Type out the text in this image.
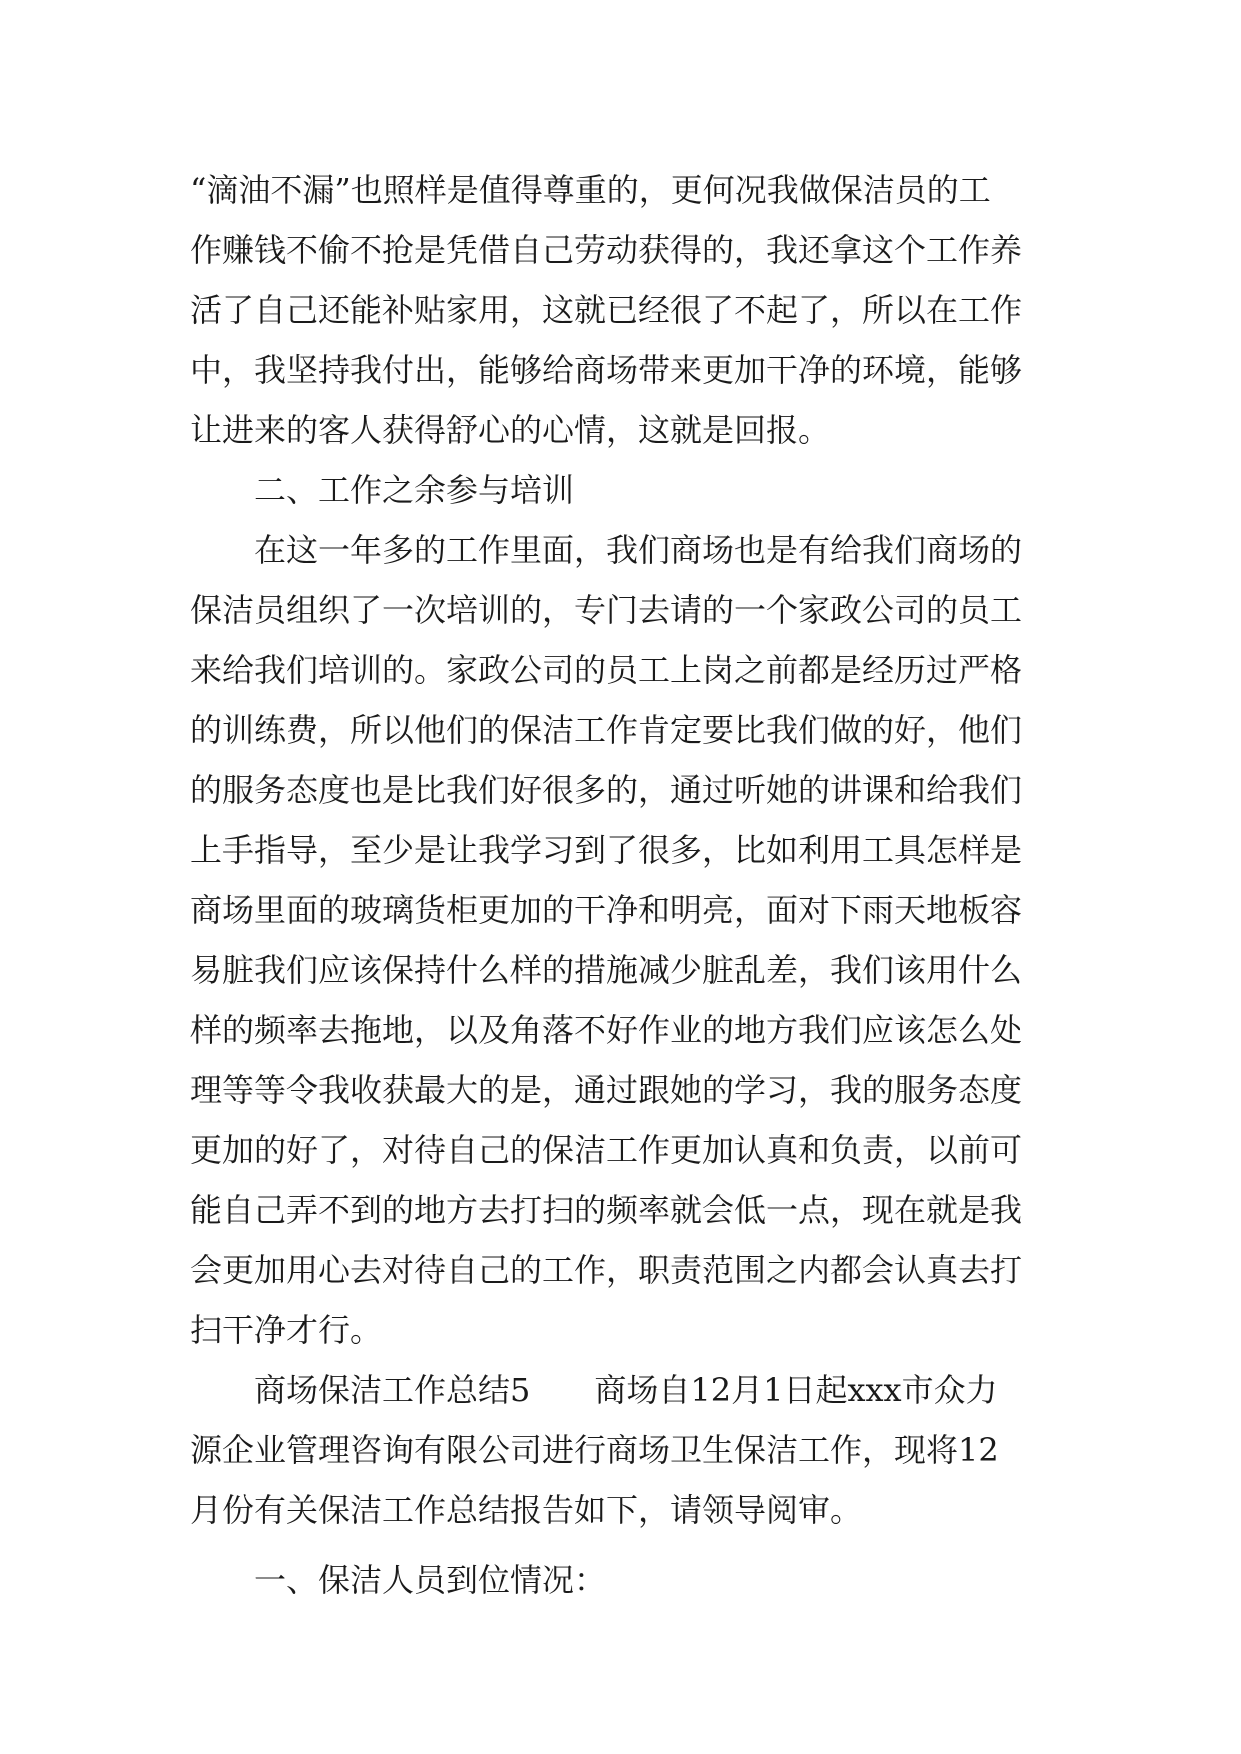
“滴油不漏”也照样是值得尊重的，更何况我做保洁员的工
作赚钱不偷不抢是凭借自己劳动获得的，我还拿这个工作养
活了自己还能补贴家用，这就已经很了不起了，所以在工作
中，我坚持我付出，能够给商场带来更加干净的环境，能够
让进来的客人获得舒心的心情，这就是回报。
二、工作之余参与培训
在这一年多的工作里面，我们商场也是有给我们商场的
保洁员组织了一次培训的，专门去请的一个家政公司的员工
来给我们培训的。家政公司的员工上岗之前都是经历过严格
的训练费，所以他们的保洁工作肯定要比我们做的好，他们
的服务态度也是比我们好很多的，通过听她的讲课和给我们
上手指导，至少是让我学习到了很多，比如利用工具怎样是
商场里面的玻璃货柜更加的干净和明亮，面对下雨天地板容
易脏我们应该保持什么样的措施减少脏乱差，我们该用什么
样的频率去拖地，以及角落不好作业的地方我们应该怎么处
理等等令我收获最大的是，通过跟她的学习，我的服务态度
更加的好了，对待自己的保洁工作更加认真和负责，以前可
能自己弄不到的地方去打扫的频率就会低一点，现在就是我
会更加用心去对待自己的工作，职责范围之内都会认真去打
扫干净才行。
商场保洁工作总结5　　商场自12月1日起xxx市众力
源企业管理咨询有限公司进行商场卫生保洁工作，现将12
月份有关保洁工作总结报告如下，请领导阅审。
一、保洁人员到位情况：
